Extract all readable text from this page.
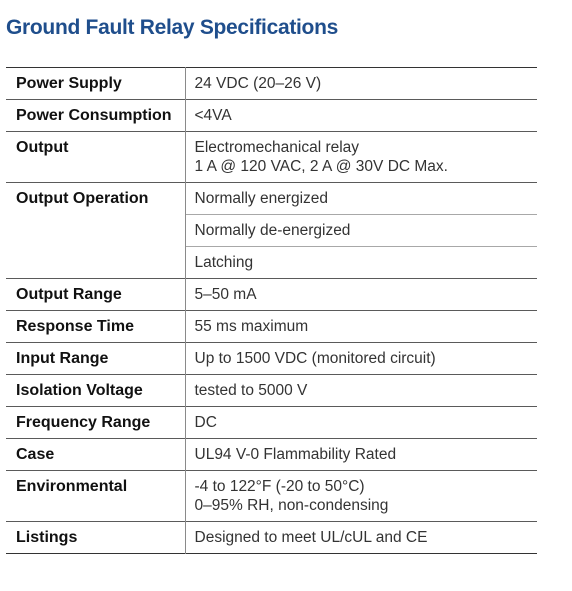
Ground Fault Relay Specifications
Power Supply	24 VDC (20–26 V)
Power Consumption	<4VA
Output	Electromechanical relay
1 A @ 120 VAC, 2 A @ 30V DC Max.

Output Operation	Normally energized
	Normally de-energized
	Latching
Output Range	5–50 mA
Response Time	55 ms maximum
Input Range	Up to 1500 VDC (monitored circuit)
Isolation Voltage	tested to 5000 V
Frequency Range	DC
Case	UL94 V-0 Flammability Rated
Environmental	-4 to 122°F (-20 to 50°C)
0–95% RH, non-condensing

Listings	Designed to meet UL/cUL and CE
